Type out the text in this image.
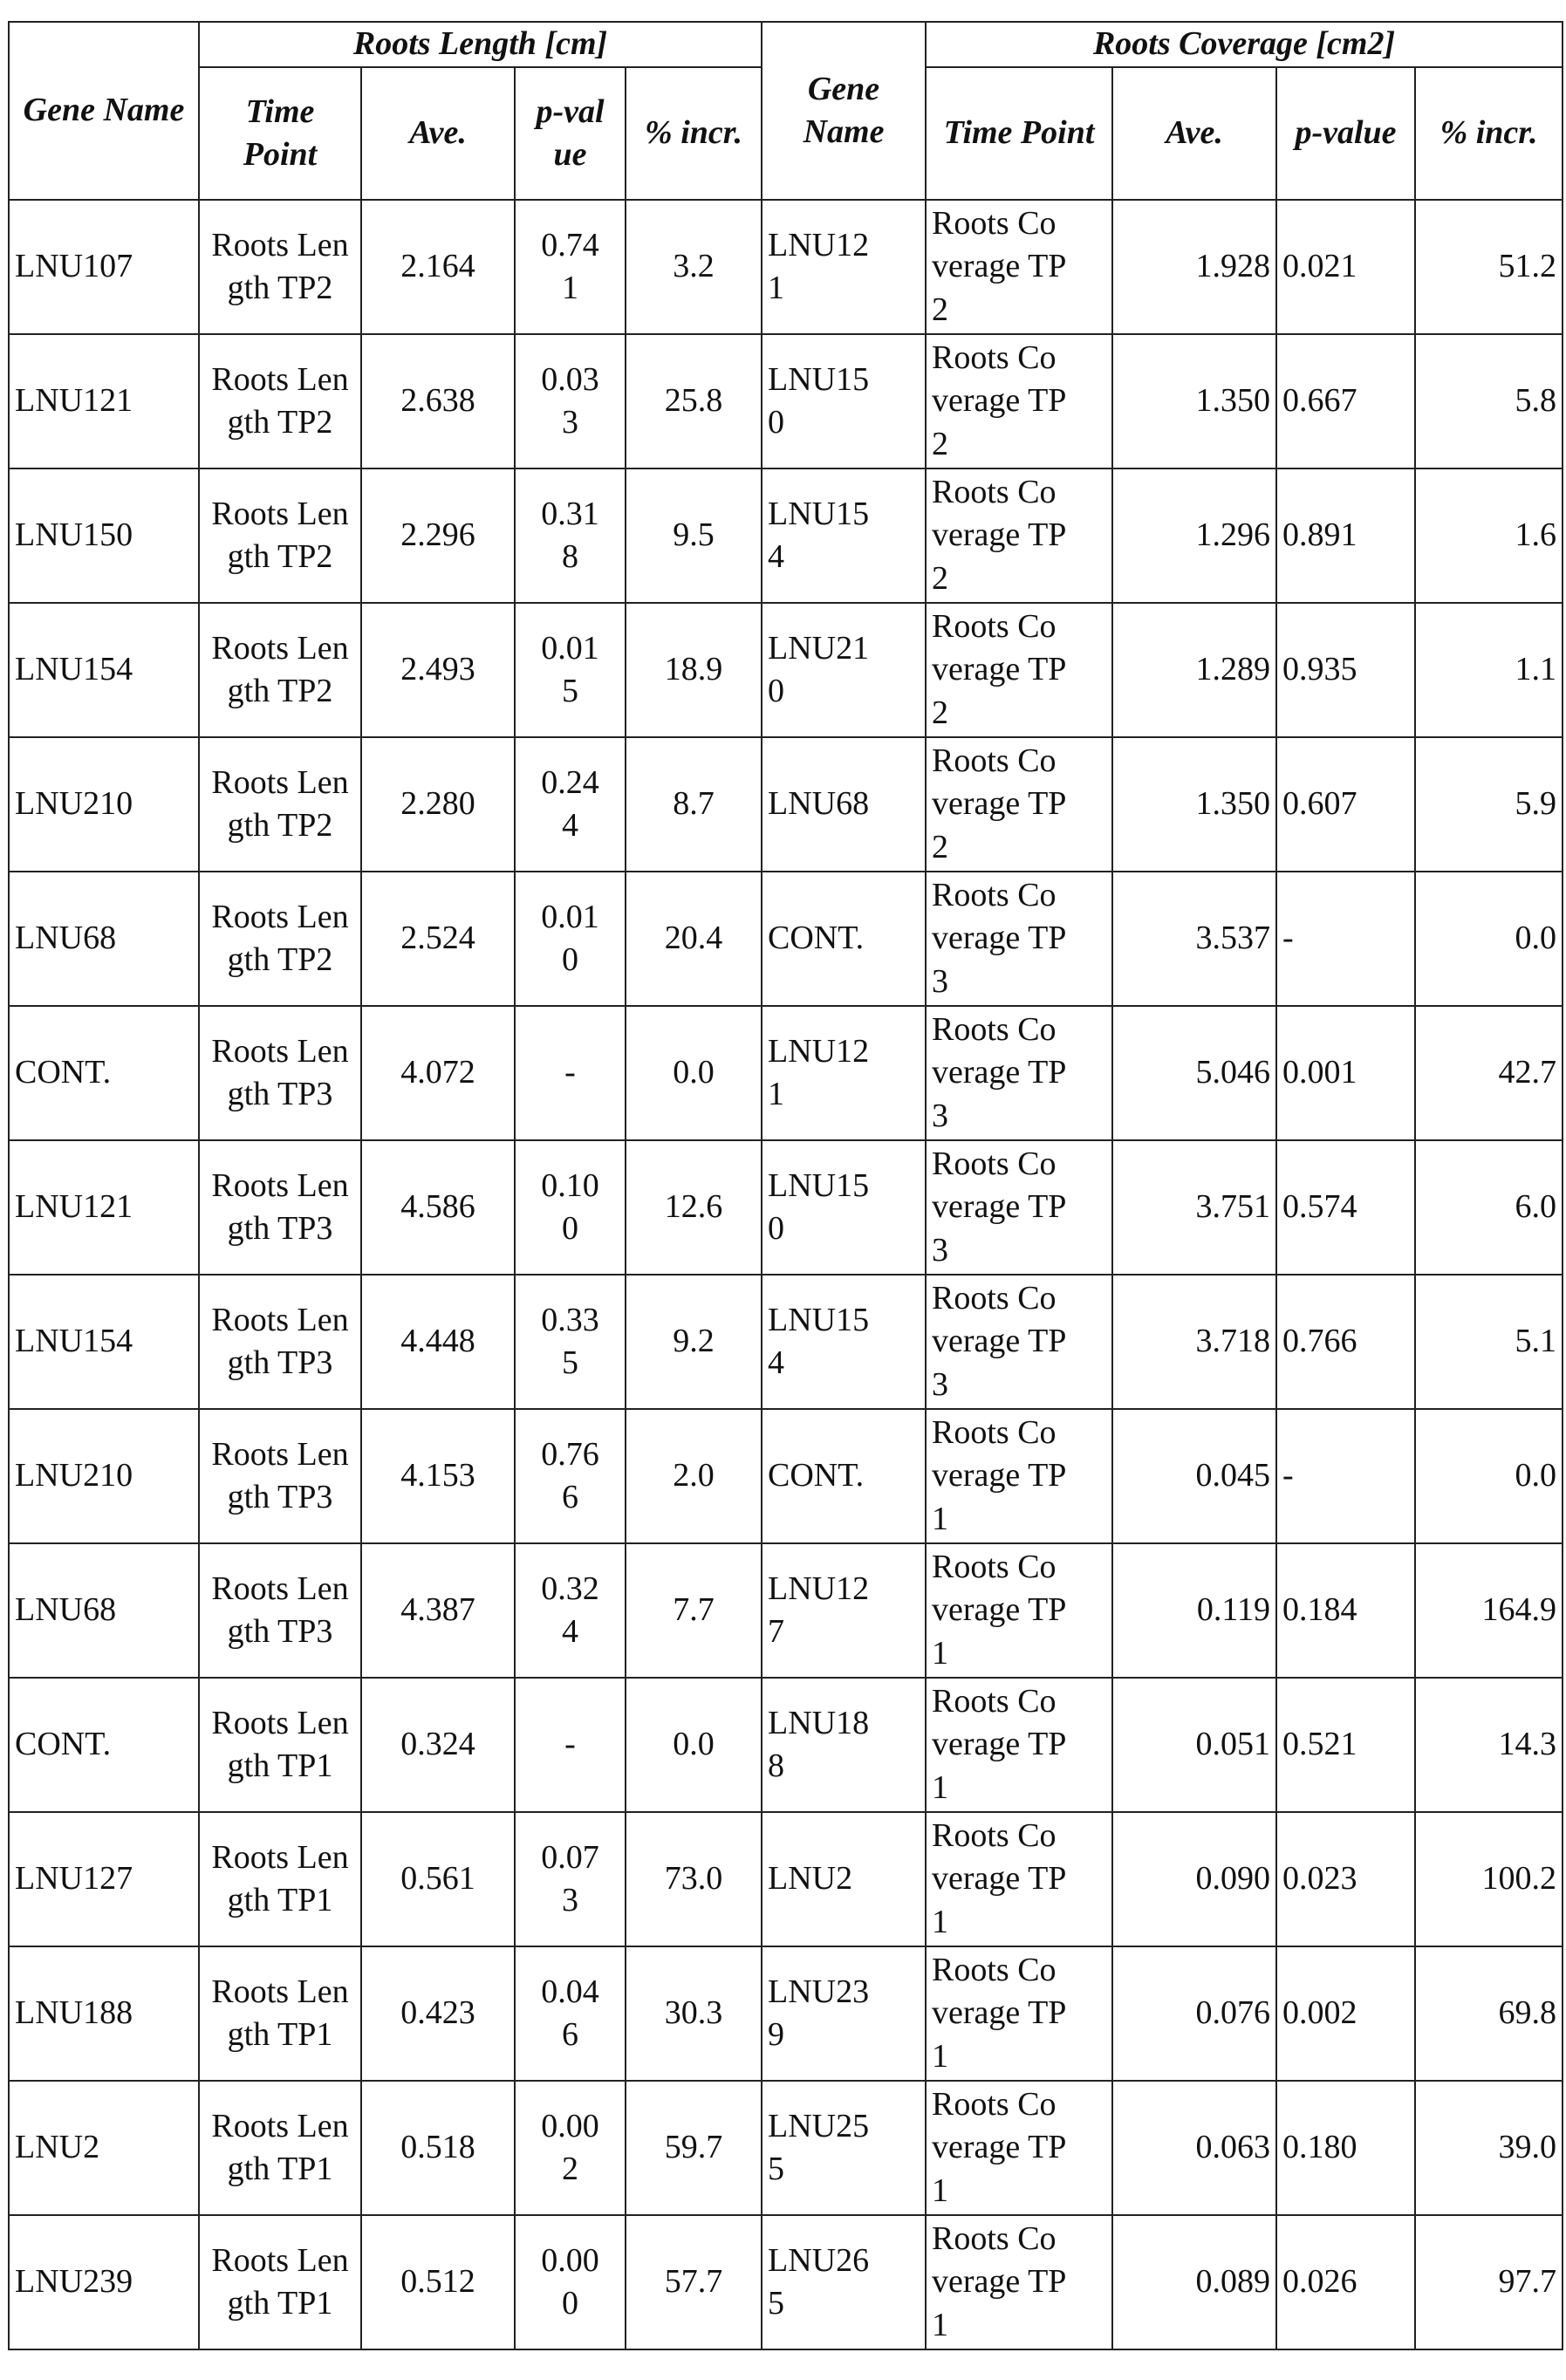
Gene Name	Roots Length [cm]	Gene Name	Roots Coverage [cm2]
Time Point	Ave.	p-value	% incr.	Time Point	Ave.	p-value	% incr.
LNU107	Roots Length TP2	2.164	0.741	3.2	LNU121	Roots Coverage TP2	1.928	0.021	51.2
LNU121	Roots Length TP2	2.638	0.033	25.8	LNU150	Roots Coverage TP2	1.350	0.667	5.8
LNU150	Roots Length TP2	2.296	0.318	9.5	LNU154	Roots Coverage TP2	1.296	0.891	1.6
LNU154	Roots Length TP2	2.493	0.015	18.9	LNU210	Roots Coverage TP2	1.289	0.935	1.1
LNU210	Roots Length TP2	2.280	0.244	8.7	LNU68	Roots Coverage TP2	1.350	0.607	5.9
LNU68	Roots Length TP2	2.524	0.010	20.4	CONT.	Roots Coverage TP3	3.537	-	0.0
CONT.	Roots Length TP3	4.072	-	0.0	LNU121	Roots Coverage TP3	5.046	0.001	42.7
LNU121	Roots Length TP3	4.586	0.100	12.6	LNU150	Roots Coverage TP3	3.751	0.574	6.0
LNU154	Roots Length TP3	4.448	0.335	9.2	LNU154	Roots Coverage TP3	3.718	0.766	5.1
LNU210	Roots Length TP3	4.153	0.766	2.0	CONT.	Roots Coverage TP1	0.045	-	0.0
LNU68	Roots Length TP3	4.387	0.324	7.7	LNU127	Roots Coverage TP1	0.119	0.184	164.9
CONT.	Roots Length TP1	0.324	-	0.0	LNU188	Roots Coverage TP1	0.051	0.521	14.3
LNU127	Roots Length TP1	0.561	0.073	73.0	LNU2	Roots Coverage TP1	0.090	0.023	100.2
LNU188	Roots Length TP1	0.423	0.046	30.3	LNU239	Roots Coverage TP1	0.076	0.002	69.8
LNU2	Roots Length TP1	0.518	0.002	59.7	LNU255	Roots Coverage TP1	0.063	0.180	39.0
LNU239	Roots Length TP1	0.512	0.000	57.7	LNU265	Roots Coverage TP1	0.089	0.026	97.7
